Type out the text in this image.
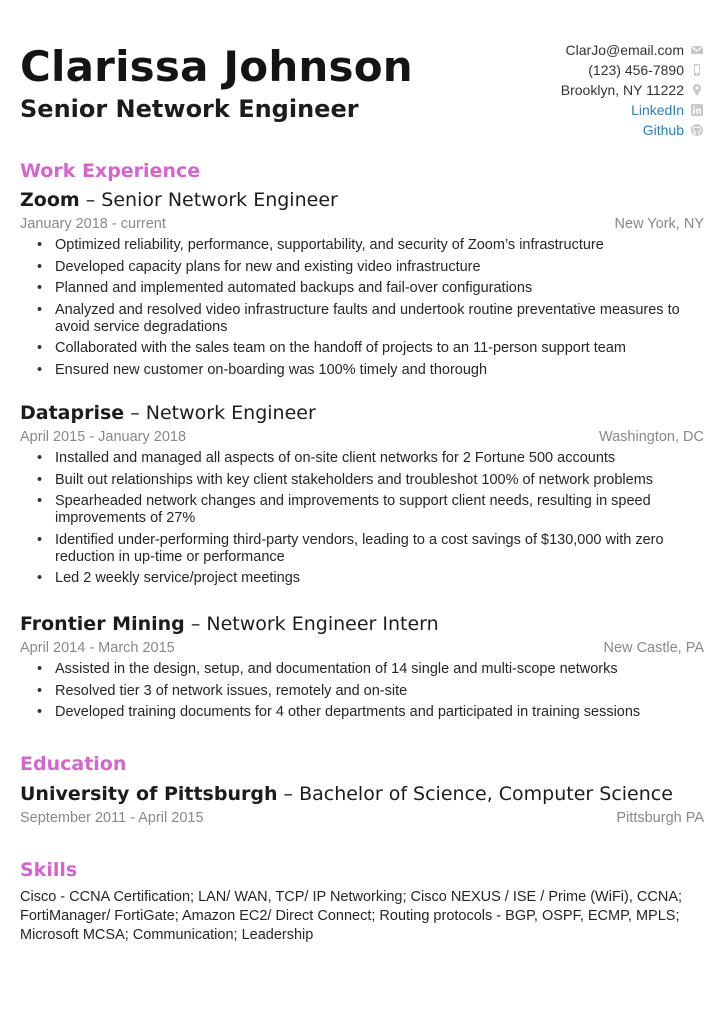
Clarissa Johnson
Senior Network Engineer
ClarJo@email.com
(123) 456-7890
Brooklyn, NY 11222
LinkedIn
Github
Work Experience
Zoom – Senior Network Engineer
January 2018 - current	New York, NY
• Optimized reliability, performance, supportability, and security of Zoom’s infrastructure
• Developed capacity plans for new and existing video infrastructure
• Planned and implemented automated backups and fail-over configurations
• Analyzed and resolved video infrastructure faults and undertook routine preventative measures to avoid service degradations
• Collaborated with the sales team on the handoff of projects to an 11-person support team
• Ensured new customer on-boarding was 100% timely and thorough
Dataprise – Network Engineer
April 2015 - January 2018	Washington, DC
• Installed and managed all aspects of on-site client networks for 2 Fortune 500 accounts
• Built out relationships with key client stakeholders and troubleshot 100% of network problems
• Spearheaded network changes and improvements to support client needs, resulting in speed improvements of 27%
• Identified under-performing third-party vendors, leading to a cost savings of $130,000 with zero reduction in up-time or performance
• Led 2 weekly service/project meetings
Frontier Mining – Network Engineer Intern
April 2014 - March 2015	New Castle, PA
• Assisted in the design, setup, and documentation of 14 single and multi-scope networks
• Resolved tier 3 of network issues, remotely and on-site
• Developed training documents for 4 other departments and participated in training sessions
Education
University of Pittsburgh – Bachelor of Science, Computer Science
September 2011 - April 2015	Pittsburgh PA
Skills
Cisco - CCNA Certification; LAN/ WAN, TCP/ IP Networking; Cisco NEXUS / ISE / Prime (WiFi), CCNA; FortiManager/ FortiGate; Amazon EC2/ Direct Connect; Routing protocols - BGP, OSPF, ECMP, MPLS; Microsoft MCSA; Communication; Leadership
